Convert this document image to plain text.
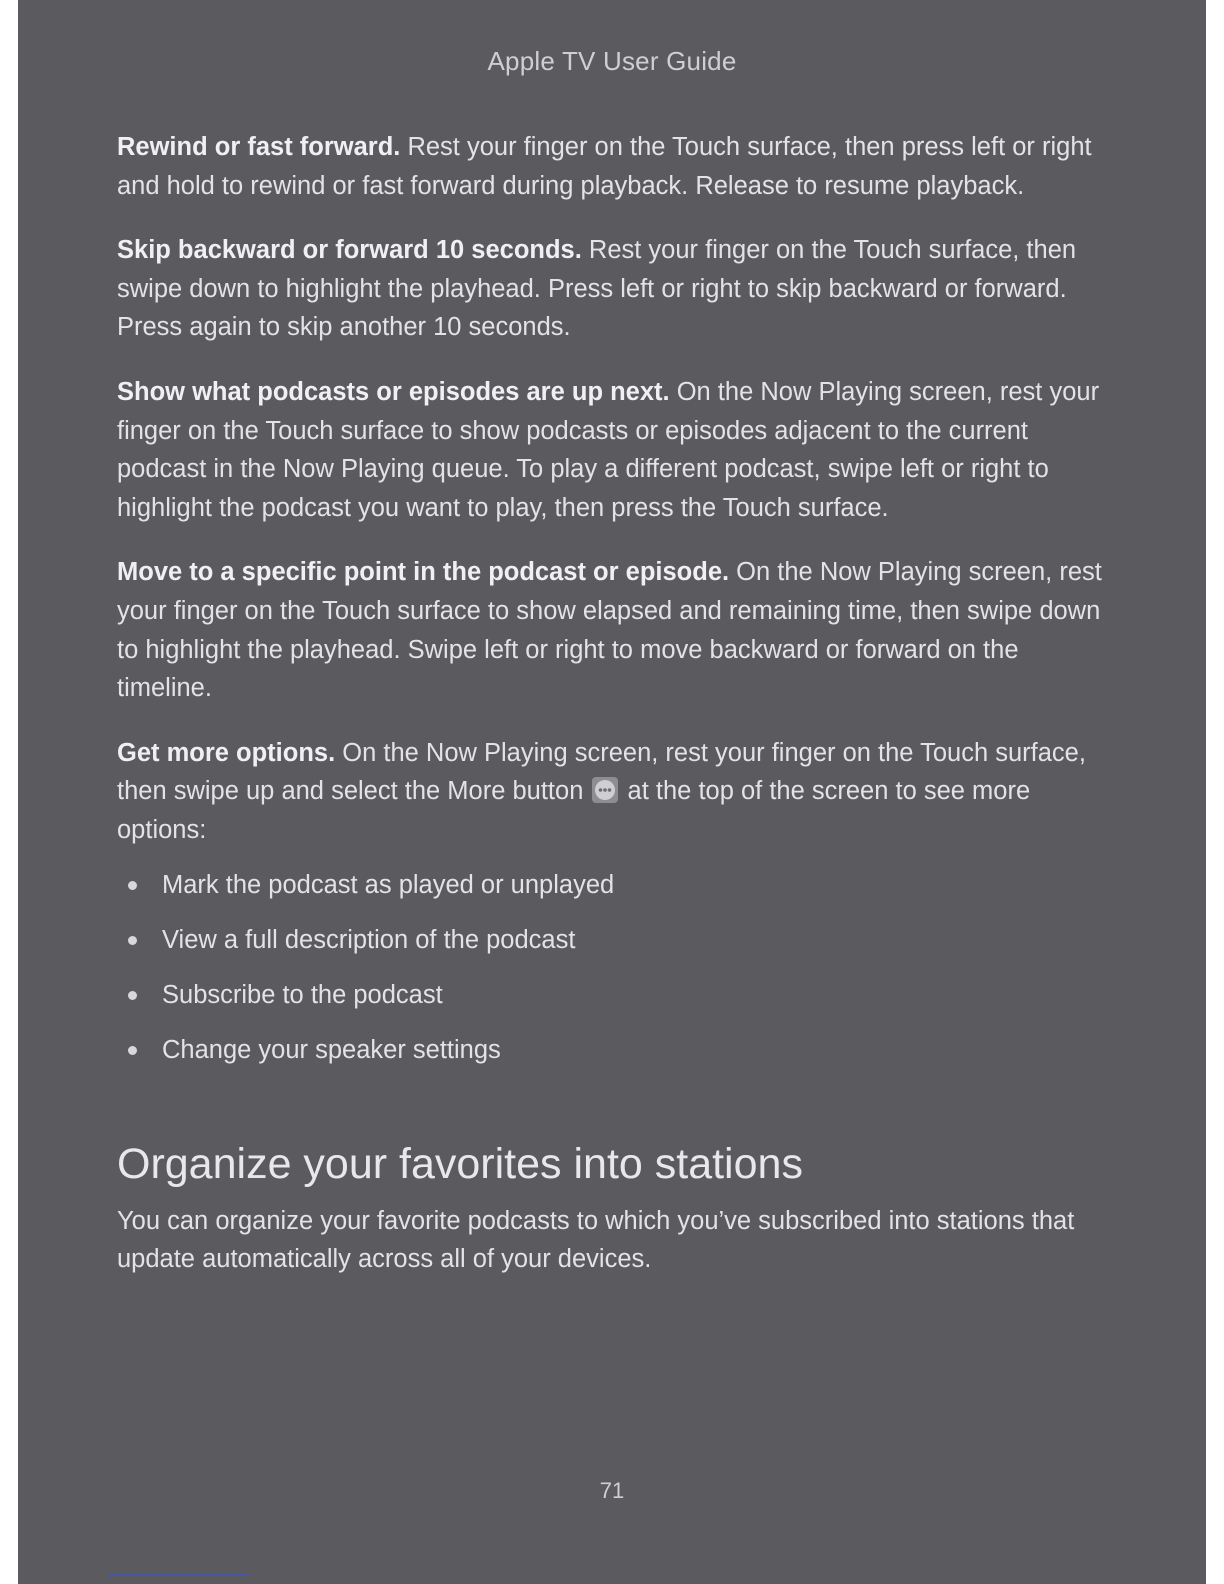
Apple TV User Guide

Rewind or fast forward. Rest your finger on the Touch surface, then press left or right and hold to rewind or fast forward during playback. Release to resume playback.

Skip backward or forward 10 seconds. Rest your finger on the Touch surface, then swipe down to highlight the playhead. Press left or right to skip backward or forward. Press again to skip another 10 seconds.

Show what podcasts or episodes are up next. On the Now Playing screen, rest your finger on the Touch surface to show podcasts or episodes adjacent to the current podcast in the Now Playing queue. To play a different podcast, swipe left or right to highlight the podcast you want to play, then press the Touch surface.

Move to a specific point in the podcast or episode. On the Now Playing screen, rest your finger on the Touch surface to show elapsed and remaining time, then swipe down to highlight the playhead. Swipe left or right to move backward or forward on the timeline.

Get more options. On the Now Playing screen, rest your finger on the Touch surface, then swipe up and select the More button
at the top of the screen to see more options:

Mark the podcast as played or unplayed
View a full description of the podcast
Subscribe to the podcast
Change your speaker settings
Organize your favorites into stations

You can organize your favorite podcasts to which you’ve subscribed into stations that update automatically across all of your devices.

71
